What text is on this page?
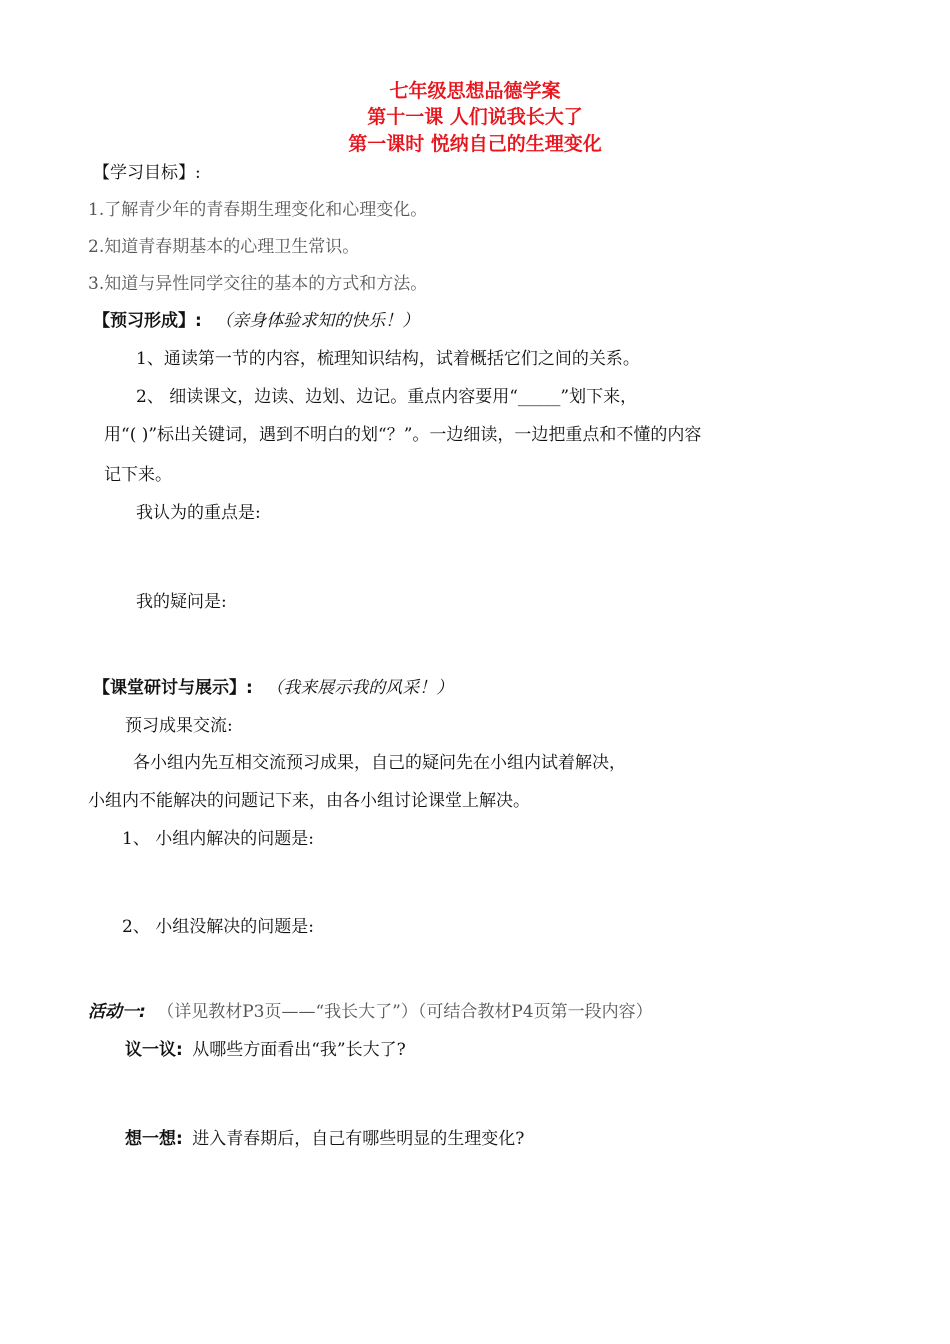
七年级思想品德学案
第十一课 人们说我长大了
第一课时 悦纳自己的生理变化
【学习目标】:
1.了解青少年的青春期生理变化和心理变化。
2.知道青春期基本的心理卫生常识。
3.知道与异性同学交往的基本的方式和方法。
【预习形成】: （亲身体验求知的快乐！）
1、通读第一节的内容，梳理知识结构，试着概括它们之间的关系。
2、 细读课文，边读、边划、边记。重点内容要用“_____”划下来，
用“( )”标出关键词，遇到不明白的划“？”。一边细读，一边把重点和不懂的内容
记下来。
我认为的重点是:
我的疑问是:
【课堂研讨与展示】: （我来展示我的风采！）
预习成果交流:
各小组内先互相交流预习成果，自己的疑问先在小组内试着解决，
小组内不能解决的问题记下来，由各小组讨论课堂上解决。
1、 小组内解决的问题是:
2、 小组没解决的问题是:
活动一: （详见教材P3页——“我长大了”）（可结合教材P4页第一段内容）
议一议: 从哪些方面看出“我”长大了?
想一想: 进入青春期后，自己有哪些明显的生理变化?
